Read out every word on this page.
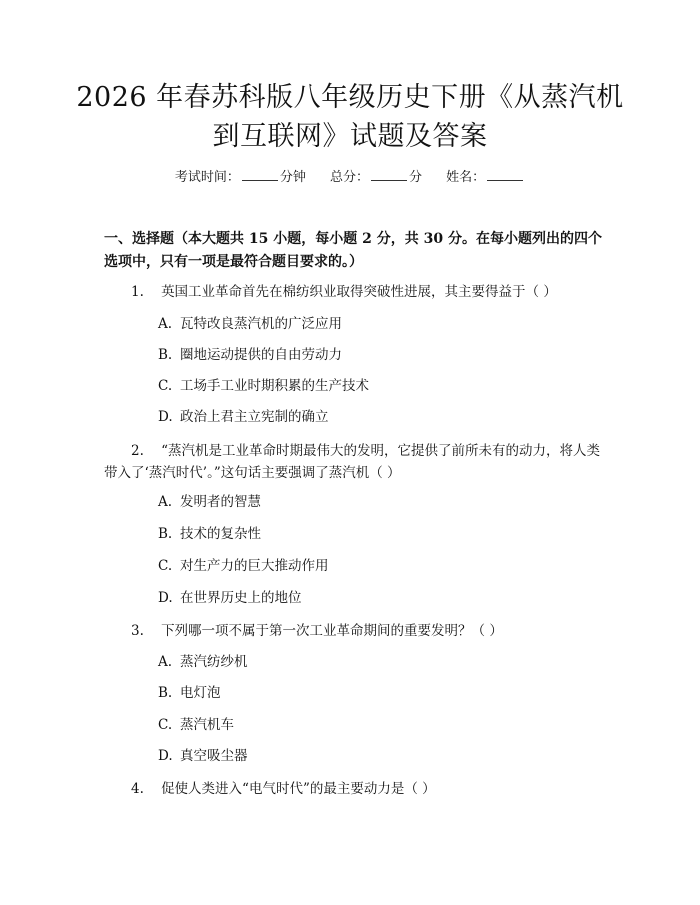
2026 年春苏科版八年级历史下册《从蒸汽机
到互联网》试题及答案
考试时间：	分钟 总分：	分 姓名：
一、选择题（本大题共 15 小题，每小题 2 分，共 30 分。在每小题列出的四个选项中，只有一项是最符合题目要求的。）
1. 英国工业革命首先在棉纺织业取得突破性进展，其主要得益于（ ）
A. 瓦特改良蒸汽机的广泛应用
B. 圈地运动提供的自由劳动力
C. 工场手工业时期积累的生产技术
D. 政治上君主立宪制的确立
2. “蒸汽机是工业革命时期最伟大的发明，它提供了前所未有的动力，将人类带入了‘蒸汽时代’。”这句话主要强调了蒸汽机（ ）
A. 发明者的智慧
B. 技术的复杂性
C. 对生产力的巨大推动作用
D. 在世界历史上的地位
3. 下列哪一项不属于第一次工业革命期间的重要发明？（ ）
A. 蒸汽纺纱机
B. 电灯泡
C. 蒸汽机车
D. 真空吸尘器
4. 促使人类进入“电气时代”的最主要动力是（ ）
